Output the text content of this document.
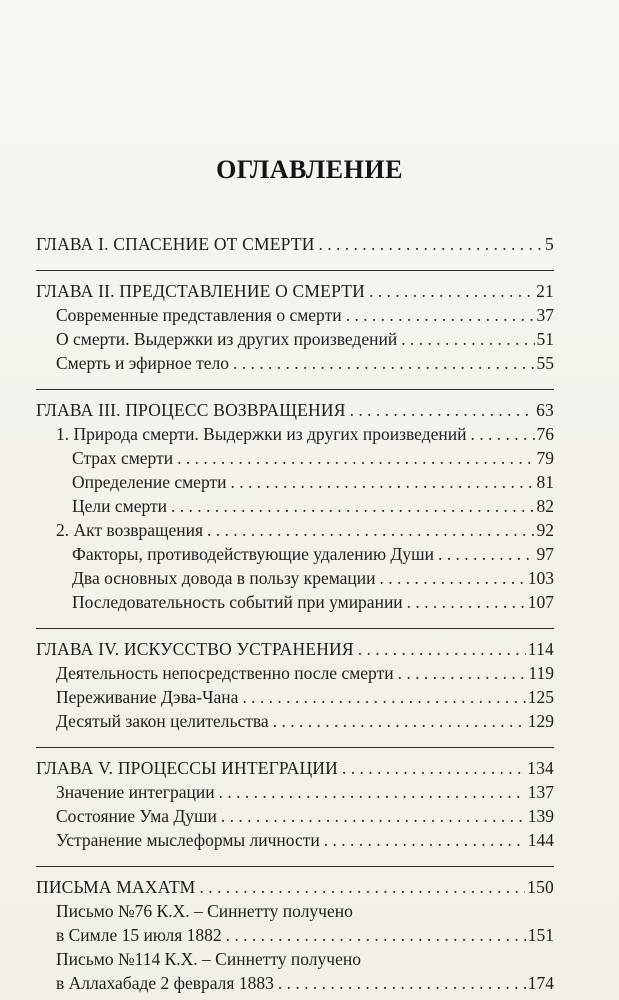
ОГЛАВЛЕНИЕ
ГЛАВА I. СПАСЕНИЕ ОТ СМЕРТИ . . .	5
ГЛАВА II. ПРЕДСТАВЛЕНИЕ О СМЕРТИ . . .	21
Современные представления о смерти . . .	37
О смерти. Выдержки из других произведений . . .	51
Смерть и эфирное тело . . .	55
ГЛАВА III. ПРОЦЕСС ВОЗВРАЩЕНИЯ . . .	63
1. Природа смерти. Выдержки из других произведений . . .	76
Страх смерти . . .	79
Определение смерти . . .	81
Цели смерти . . .	82
2. Акт возвращения . . .	92
Факторы, противодействующие удалению Души . . .	97
Два основных довода в пользу кремации . . .	103
Последовательность событий при умирании . . .	107
ГЛАВА IV. ИСКУССТВО УСТРАНЕНИЯ . . .	114
Деятельность непосредственно после смерти . . .	119
Переживание Дэва-Чана . . .	125
Десятый закон целительства . . .	129
ГЛАВА V. ПРОЦЕССЫ ИНТЕГРАЦИИ . . .	134
Значение интеграции . . .	137
Состояние Ума Души . . .	139
Устранение мыслеформы личности . . .	144
ПИСЬМА МАХАТМ . . .	150
Письмо №76 К.Х. – Синнетту получено
в Симле 15 июля 1882 . . .	151
Письмо №114 К.Х. – Синнетту получено
в Аллахабаде 2 февраля 1883 . . .	174
